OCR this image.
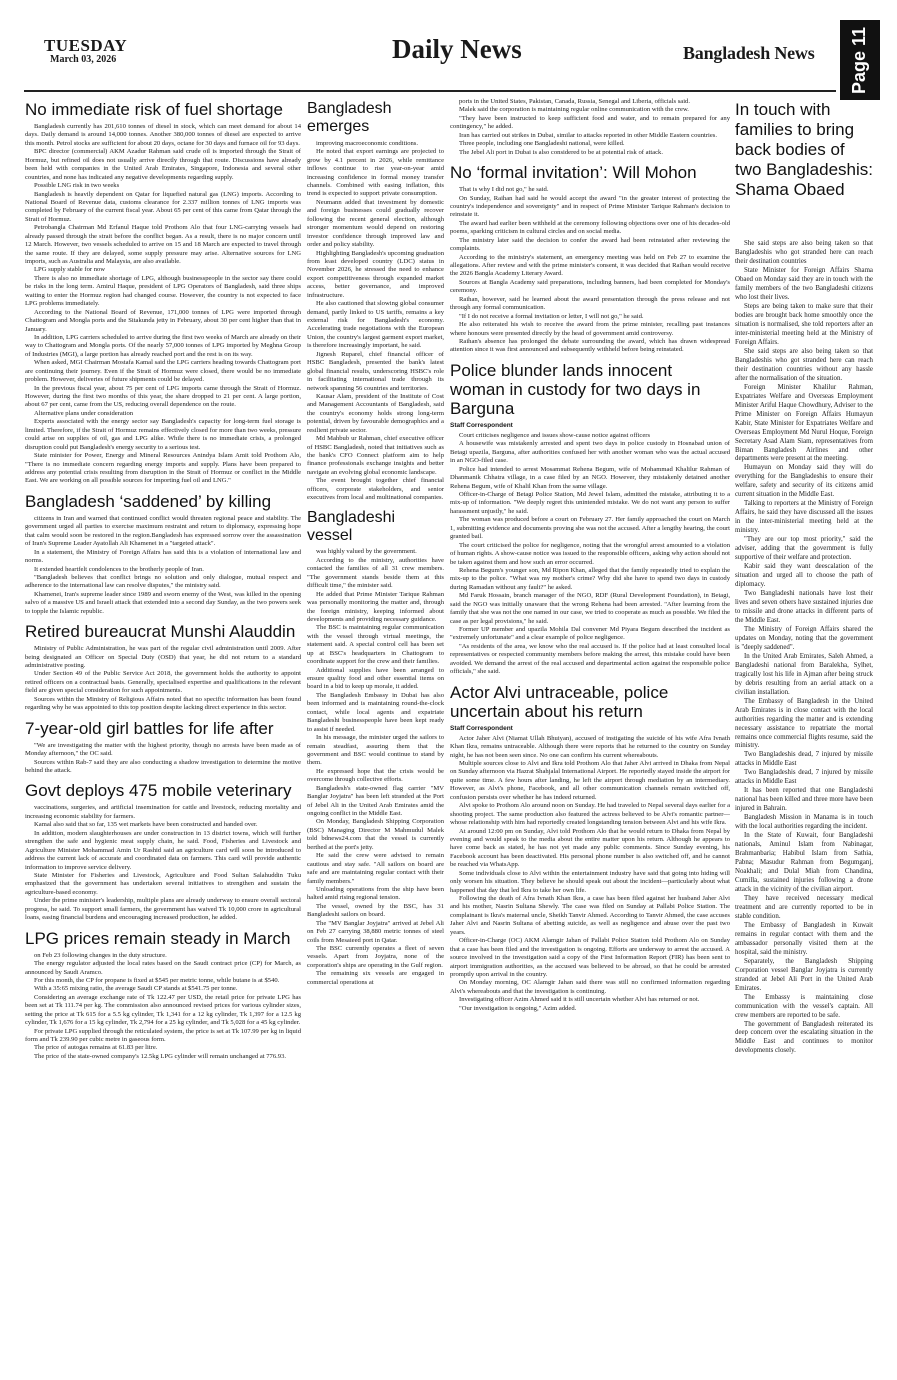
TUESDAY
March 03, 2026	Daily News	Bangladesh News Page 11
No immediate risk of fuel shortage

Bangladesh currently has 201,610 tonnes of diesel in stock, which can meet demand for about 14 days. Daily demand is around 14,000 tonnes. Another 380,000 tonnes of diesel are expected to arrive this month. Petrol stocks are sufficient for about 20 days, octane for 30 days and furnace oil for 93 days.

BPC director (commercial) AKM Azadur Rahman said crude oil is imported through the Strait of Hormuz, but refined oil does not usually arrive directly through that route. Discussions have already been held with companies in the United Arab Emirates, Singapore, Indonesia and several other countries, and none has indicated any negative developments regarding supply.

Possible LNG risk in two weeks

Bangladesh is heavily dependent on Qatar for liquefied natural gas (LNG) imports. According to National Board of Revenue data, customs clearance for 2.337 million tonnes of LNG imports was completed by February of the current fiscal year. About 65 per cent of this came from Qatar through the Strait of Hormuz.

Petrobangla Chairman Md Erfanul Haque told Prothom Alo that four LNG-carrying vessels had already passed through the strait before the conflict began. As a result, there is no major concern until 12 March. However, two vessels scheduled to arrive on 15 and 18 March are expected to travel through the same route. If they are delayed, some supply pressure may arise. Alternative sources for LNG imports, such as Australia and Malaysia, are also available.

LPG supply stable for now

There is also no immediate shortage of LPG, although businesspeople in the sector say there could be risks in the long term. Amirul Haque, president of LPG Operators of Bangladesh, said three ships waiting to enter the Hormuz region had changed course. However, the country is not expected to face LPG problems immediately.

According to the National Board of Revenue, 171,000 tonnes of LPG were imported through Chattogram and Mongla ports and the Sitakunda jetty in February, about 30 per cent higher than that in January.

In addition, LPG carriers scheduled to arrive during the first two weeks of March are already on their way to Chattogram and Mongla ports. Of the nearly 57,000 tonnes of LPG imported by Meghna Group of Industries (MGI), a large portion has already reached port and the rest is on its way.

When asked, MGI Chairman Mostafa Kamal said the LPG carriers heading towards Chattogram port are continuing their journey. Even if the Strait of Hormuz were closed, there would be no immediate problem. However, deliveries of future shipments could be delayed.

In the previous fiscal year, about 75 per cent of LPG imports came through the Strait of Hormuz. However, during the first two months of this year, the share dropped to 21 per cent. A large portion, about 67 per cent, came from the US, reducing overall dependence on the route.

Alternative plans under consideration

Experts associated with the energy sector say Bangladesh's capacity for long-term fuel storage is limited. Therefore, if the Strait of Hormuz remains effectively closed for more than two weeks, pressure could arise on supplies of oil, gas and LPG alike. While there is no immediate crisis, a prolonged disruption could put Bangladesh's energy security to a serious test.

State minister for Power, Energy and Mineral Resources Anindya Islam Amit told Prothom Alo, "There is no immediate concern regarding energy imports and supply. Plans have been prepared to address any potential crisis resulting from disruption in the Strait of Hormuz or conflict in the Middle East. We are working on all possible sources for importing fuel oil and LNG."

Bangladesh ‘saddened’ by killing

citizens in Iran and warned that continued conflict would threaten regional peace and stability. The government urged all parties to exercise maximum restraint and return to diplomacy, expressing hope that calm would soon be restored in the region.Bangladesh has expressed sorrow over the assassination of Iran's Supreme Leader Ayatollah Ali Khamenei in a "targeted attack".

In a statement, the Ministry of Foreign Affairs has said this is a violation of international law and norms.

It extended heartfelt condolences to the brotherly people of Iran.

"Bangladesh believes that conflict brings no solution and only dialogue, mutual respect and adherence to the international law can resolve disputes," the ministry said.

Khamenei, Iran's supreme leader since 1989 and sworn enemy of the West, was killed in the opening salvo of a massive US and Israeli attack that extended into a second day Sunday, as the two powers seek to topple the Islamic republic.

Retired bureaucrat Munshi Alauddin

Ministry of Public Administration, he was part of the regular civil administration until 2009. After being designated an Officer on Special Duty (OSD) that year, he did not return to a standard administrative posting.

Under Section 49 of the Public Service Act 2018, the government holds the authority to appoint retired officers on a contractual basis. Generally, specialised expertise and qualifications in the relevant field are given special consideration for such appointments.

Sources within the Ministry of Religious Affairs noted that no specific information has been found regarding why he was appointed to this top position despite lacking direct experience in this sector.

7-year-old girl battles for life after

"We are investigating the matter with the highest priority, though no arrests have been made as of Monday afternoon," the OC said.

Sources within Rab-7 said they are also conducting a shadow investigation to determine the motive behind the attack.

Govt deploys 475 mobile veterinary

vaccinations, surgeries, and artificial insemination for cattle and livestock, reducing mortality and increasing economic stability for farmers.

Kamal also said that so far, 135 wet markets have been constructed and handed over.

In addition, modern slaughterhouses are under construction in 13 district towns, which will further strengthen the safe and hygienic meat supply chain, he said. Food, Fisheries and Livestock and Agriculture Minister Mohammad Amin Ur Rashid said an agriculture card will soon be introduced to address the current lack of accurate and coordinated data on farmers. This card will provide authentic information to improve service delivery.

State Minister for Fisheries and Livestock, Agriculture and Food Sultan Salahuddin Tuku emphasized that the government has undertaken several initiatives to strengthen and sustain the agriculture-based economy.

Under the prime minister's leadership, multiple plans are already underway to ensure overall sectoral progress, he said. To support small farmers, the government has waived Tk 10,000 crore in agricultural loans, easing financial burdens and encouraging increased production, he added.

LPG prices remain steady in March

on Feb 23 following changes in the duty structure.

The energy regulator adjusted the local rates based on the Saudi contract price (CP) for March, as announced by Saudi Aramco.

For this month, the CP for propane is fixed at $545 per metric tonne, while butane is at $540.

With a 35:65 mixing ratio, the average Saudi CP stands at $541.75 per tonne.

Considering an average exchange rate of Tk 122.47 per USD, the retail price for private LPG has been set at Tk 111.74 per kg. The commission also announced revised prices for various cylinder sizes, setting the price at Tk 615 for a 5.5 kg cylinder, Tk 1,341 for a 12 kg cylinder, Tk 1,397 for a 12.5 kg cylinder, Tk 1,676 for a 15 kg cylinder, Tk 2,794 for a 25 kg cylinder, and Tk 5,028 for a 45 kg cylinder.

For private LPG supplied through the reticulated system, the price is set at Tk 107.99 per kg in liquid form and Tk 239.90 per cubic metre in gaseous form.

The price of autogas remains at 61.83 per litre.

The price of the state-owned company's 12.5kg LPG cylinder will remain unchanged at 776.93.

Bangladesh emerges

improving macroeconomic conditions.

He noted that export earnings are projected to grow by 4.1 percent in 2026, while remittance inflows continue to rise year-on-year amid increasing confidence in formal money transfer channels. Combined with easing inflation, this trend is expected to support private consumption.

Neumann added that investment by domestic and foreign businesses could gradually recover following the recent general election, although stronger momentum would depend on restoring investor confidence through improved law and order and policy stability.

Highlighting Bangladesh's upcoming graduation from least developed country (LDC) status in November 2026, he stressed the need to enhance export competitiveness through expanded market access, better governance, and improved infrastructure.

He also cautioned that slowing global consumer demand, partly linked to US tariffs, remains a key external risk for Bangladesh's economy. Accelerating trade negotiations with the European Union, the country's largest garment export market, is therefore increasingly important, he said.

Jignesh Ruparel, chief financial officer of HSBC Bangladesh, presented the bank's latest global financial results, underscoring HSBC's role in facilitating international trade through its network spanning 56 countries and territories.

Kausar Alam, president of the Institute of Cost and Management Accountants of Bangladesh, said the country's economy holds strong long-term potential, driven by favourable demographics and a resilient private sector.

Md Mahbub ur Rahman, chief executive officer of HSBC Bangladesh, noted that initiatives such as the bank's CFO Connect platform aim to help finance professionals exchange insights and better navigate an evolving global economic landscape.

The event brought together chief financial officers, corporate stakeholders, and senior executives from local and multinational companies.

Bangladeshi vessel

was highly valued by the government.

According to the ministry, authorities have contacted the families of all 31 crew members. "The government stands beside them at this difficult time," the minister said.

He added that Prime Minister Tarique Rahman was personally monitoring the matter and, through the foreign ministry, keeping informed about developments and providing necessary guidance.

The BSC is maintaining regular communication with the vessel through virtual meetings, the statement said. A special control cell has been set up at BSC's headquarters in Chattogram to coordinate support for the crew and their families.

Additional supplies have been arranged to ensure quality food and other essential items on board in a bid to keep up morale, it added.

The Bangladesh Embassy in Dubai has also been informed and is maintaining round-the-clock contact, while local agents and expatriate Bangladeshi businesspeople have been kept ready to assist if needed.

In his message, the minister urged the sailors to remain steadfast, assuring them that the government and BSC would continue to stand by them.

He expressed hope that the crisis would be overcome through collective efforts.

Bangladesh's state-owned flag carrier "MV Banglar Joyjatra" has been left stranded at the Port of Jebel Ali in the United Arab Emirates amid the ongoing conflict in the Middle East.

On Monday, Bangladesh Shipping Corporation (BSC) Managing Director M Mahmudul Malek told bdnews24.com that the vessel is currently berthed at the port's jetty.

He said the crew were advised to remain cautious and stay safe. "All sailors on board are safe and are maintaining regular contact with their family members."

Unloading operations from the ship have been halted amid rising regional tension.

The vessel, owned by the BSC, has 31 Bangladeshi sailors on board.

The "MV Banglar Joyjatra" arrived at Jebel Ali on Feb 27 carrying 38,880 metric tonnes of steel coils from Mesaieed port in Qatar.

The BSC currently operates a fleet of seven vessels. Apart from Joyjatra, none of the corporation's ships are operating in the Gulf region.

The remaining six vessels are engaged in commercial operations at

ports in the United States, Pakistan, Canada, Russia, Senegal and Liberia, officials said.

Malek said the corporation is maintaining regular online communication with the crew.

"They have been instructed to keep sufficient food and water, and to remain prepared for any contingency," he added.

Iran has carried out strikes in Dubai, similar to attacks reported in other Middle Eastern countries.

Three people, including one Bangladeshi national, were killed.

The Jebel Ali port in Dubai is also considered to be at potential risk of attack.

No ‘formal invitation’: Will Mohon

That is why I did not go," he said.

On Sunday, Raihan had said he would accept the award "in the greater interest of protecting the country's independence and sovereignty" and in respect of Prime Minister Tarique Rahman's decision to reinstate it.

The award had earlier been withheld at the ceremony following objections over one of his decades-old poems, sparking criticism in cultural circles and on social media.

The ministry later said the decision to confer the award had been reinstated after reviewing the complaints.

According to the ministry's statement, an emergency meeting was held on Feb 27 to examine the allegations. After review and with the prime minister's consent, it was decided that Raihan would receive the 2026 Bangla Academy Literary Award.

Sources at Bangla Academy said preparations, including banners, had been completed for Monday's ceremony.

Raihan, however, said he learned about the award presentation through the press release and not through any formal communication.

"If I do not receive a formal invitation or letter, I will not go," he said.

He also reiterated his wish to receive the award from the prime minister, recalling past instances where honours were presented directly by the head of government amid controversy.

Raihan's absence has prolonged the debate surrounding the award, which has drawn widespread attention since it was first announced and subsequently withheld before being reinstated.

Police blunder lands innocent woman in custody for two days in Barguna
Staff Correspondent

Court criticises negligence and issues show-cause notice against officers

A housewife was mistakenly arrested and spent two days in police custody in Hosnabad union of Betagi upazila, Barguna, after authorities confused her with another woman who was the actual accused in an NGO-filed case.

Police had intended to arrest Mosammat Rehena Begum, wife of Mohammad Khalilur Rahman of Dhanmanik Chhatra village, in a case filed by an NGO. However, they mistakenly detained another Rehena Begum, wife of Khalil Khan from the same village.

Officer-in-Charge of Betagi Police Station, Md Jewel Islam, admitted the mistake, attributing it to a mix-up of information. "We deeply regret this unintended mistake. We do not want any person to suffer harassment unjustly," he said.

The woman was produced before a court on February 27. Her family approached the court on March 1, submitting evidence and documents proving she was not the accused. After a lengthy hearing, the court granted bail.

The court criticised the police for negligence, noting that the wrongful arrest amounted to a violation of human rights. A show-cause notice was issued to the responsible officers, asking why action should not be taken against them and how such an error occurred.

Rehena Begum's younger son, Md Ripon Khan, alleged that the family repeatedly tried to explain the mix-up to the police. "What was my mother's crime? Why did she have to spend two days in custody during Ramadan without any fault?" he asked.

Md Faruk Hossain, branch manager of the NGO, RDF (Rural Development Foundation), in Betagi, said the NGO was initially unaware that the wrong Rehena had been arrested. "After learning from the family that she was not the one named in our case, we tried to cooperate as much as possible. We filed the case as per legal provisions," he said.

Former UP member and upazila Mohila Dal convener Md Piyara Begum described the incident as "extremely unfortunate" and a clear example of police negligence.

"As residents of the area, we know who the real accused is. If the police had at least consulted local representatives or respected community members before making the arrest, this mistake could have been avoided. We demand the arrest of the real accused and departmental action against the responsible police officials," she said.

Actor Alvi untraceable, police uncertain about his return
Staff Correspondent

Actor Jaher Alvi (Niamat Ullah Bhuiyan), accused of instigating the suicide of his wife Afra Ivnath Khan Ikra, remains untraceable. Although there were reports that he returned to the country on Sunday night, he has not been seen since. No one can confirm his current whereabouts.

Multiple sources close to Alvi and Ikra told Prothom Alo that Jaher Alvi arrived in Dhaka from Nepal on Sunday afternoon via Hazrat Shahjalal International Airport. He reportedly stayed inside the airport for quite some time. A few hours after landing, he left the airport through mediation by an intermediary. However, as Alvi's phone, Facebook, and all other communication channels remain switched off, confusion persists over whether he has indeed returned.

Alvi spoke to Prothom Alo around noon on Sunday. He had traveled to Nepal several days earlier for a shooting project. The same production also featured the actress believed to be Alvi's romantic partner—whose relationship with him had reportedly created longstanding tension between Alvi and his wife Ikra.

At around 12:00 pm on Sunday, Alvi told Prothom Alo that he would return to Dhaka from Nepal by evening and would speak to the media about the entire matter upon his return. Although he appears to have come back as stated, he has not yet made any public comments. Since Sunday evening, his Facebook account has been deactivated. His personal phone number is also switched off, and he cannot be reached via WhatsApp.

Some individuals close to Alvi within the entertainment industry have said that going into hiding will only worsen his situation. They believe he should speak out about the incident—particularly about what happened that day that led Ikra to take her own life.

Following the death of Afra Ivnath Khan Ikra, a case has been filed against her husband Jaher Alvi and his mother, Nasrin Sultana Shewly. The case was filed on Sunday at Pallabi Police Station. The complainant is Ikra's maternal uncle, Sheikh Tanvir Ahmed. According to Tanvir Ahmed, the case accuses Jaher Alvi and Nasrin Sultana of abetting suicide, as well as negligence and abuse over the past two years.

Officer-in-Charge (OC) AKM Alamgir Jahan of Pallabi Police Station told Prothom Alo on Sunday that a case has been filed and the investigation is ongoing. Efforts are underway to arrest the accused. A source involved in the investigation said a copy of the First Information Report (FIR) has been sent to airport immigration authorities, as the accused was believed to be abroad, so that he could be arrested promptly upon arrival in the country.

On Monday morning, OC Alamgir Jahan said there was still no confirmed information regarding Alvi's whereabouts and that the investigation is continuing.

Investigating officer Azim Ahmed said it is still uncertain whether Alvi has returned or not.

"Our investigation is ongoing," Azim added.

In touch with families to bring back bodies of two Bangladeshis: Shama Obaed

She said steps are also being taken so that Bangladeshis who got stranded here can reach their destination countries

State Minister for Foreign Affairs Shama Obaed on Monday said they are in touch with the family members of the two Bangladeshi citizens who lost their lives.

Steps are being taken to make sure that their bodies are brought back home smoothly once the situation is normalised, she told reporters after an inter-ministerial meeting held at the Ministry of Foreign Affairs.

She said steps are also being taken so that Bangladeshis who got stranded here can reach their destination countries without any hassle after the normalisation of the situation.

Foreign Minister Khalilur Rahman, Expatriates Welfare and Overseas Employment Minister Ariful Haque Chowdhury, Adviser to the Prime Minister on Foreign Affairs Humayun Kabir, State Minister for Expatriates Welfare and Overseas Employment Md Nurul Hoque, Foreign Secretary Asad Alam Siam, representatives from Biman Bangladesh Airlines and other departments were present at the meeting.

Humayun on Monday said they will do everything for the Bangladeshis to ensure their welfare, safety and security of its citizens amid current situation in the Middle East.

Talking to reporters at the Ministry of Foreign Affairs, he said they have discussed all the issues in the inter-ministerial meeting held at the ministry.

"They are our top most priority," said the adviser, adding that the government is fully supportive of their welfare and protection.

Kabir said they want deescalation of the situation and urged all to choose the path of diplomacy.

Two Bangladeshi nationals have lost their lives and seven others have sustained injuries due to missile and drone attacks in different parts of the Middle East.

The Ministry of Foreign Affairs shared the updates on Monday, noting that the government is "deeply saddened".

In the United Arab Emirates, Saleh Ahmed, a Bangladeshi national from Baralekha, Sylhet, tragically lost his life in Ajman after being struck by debris resulting from an aerial attack on a civilian installation.

The Embassy of Bangladesh in the United Arab Emirates is in close contact with the local authorities regarding the matter and is extending necessary assistance to repatriate the mortal remains once commercial flights resume, said the ministry.

Two Bangladeshis dead, 7 injured by missile attacks in Middle East

Two Bangladeshis dead, 7 injured by missile attacks in Middle East

It has been reported that one Bangladeshi national has been killed and three more have been injured in Bahrain.

Bangladesh Mission in Manama is in touch with the local authorities regarding the incident.

In the State of Kuwait, four Bangladeshi nationals, Aminul Islam from Nabinagar, Brahmanbaria; Habibul Islam from Sathia, Pabna; Masudur Rahman from Begumganj, Noakhali; and Dulal Miah from Chandina, Cumilla, sustained injuries following a drone attack in the vicinity of the civilian airport.

They have received necessary medical treatment and are currently reported to be in stable condition.

The Embassy of Bangladesh in Kuwait remains in regular contact with them and the ambassador personally visited them at the hospital, said the ministry.

Separately, the Bangladesh Shipping Corporation vessel Banglar Joyjatra is currently stranded at Jebel Ali Port in the United Arab Emirates.

The Embassy is maintaining close communication with the vessel's captain. All crew members are reported to be safe.

The government of Bangladesh reiterated its deep concern over the escalating situation in the Middle East and continues to monitor developments closely.
